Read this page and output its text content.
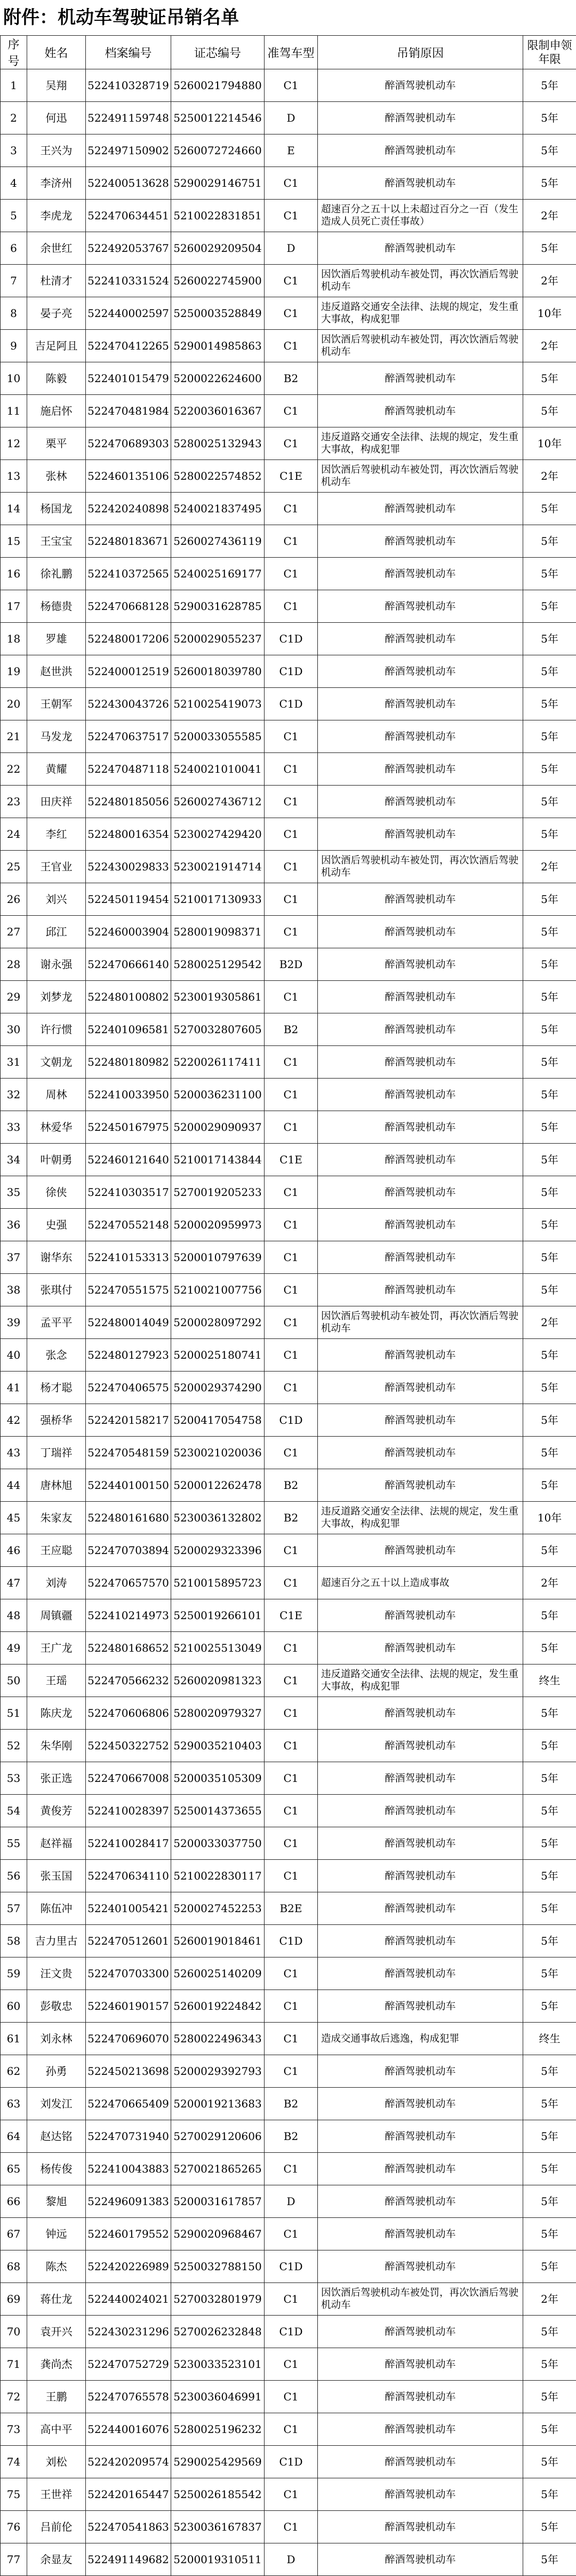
附件：机动车驾驶证吊销名单
序号	姓名	档案编号	证芯编号	准驾车型	吊销原因	限制申领年限
1	吴翔	522410328719	5260021794880	C1	醉酒驾驶机动车	5年
2	何迅	522491159748	5250012214546	D	醉酒驾驶机动车	5年
3	王兴为	522497150902	5260072724660	E	醉酒驾驶机动车	5年
4	李济州	522400513628	5290029146751	C1	醉酒驾驶机动车	5年
5	李虎龙	522470634451	5210022831851	C1	超速百分之五十以上未超过百分之一百（发生造成人员死亡责任事故）	2年
6	余世红	522492053767	5260029209504	D	醉酒驾驶机动车	5年
7	杜清才	522410331524	5260022745900	C1	因饮酒后驾驶机动车被处罚，再次饮酒后驾驶机动车	2年
8	晏子亮	522440002597	5250003528849	C1	违反道路交通安全法律、法规的规定，发生重大事故，构成犯罪	10年
9	吉足阿且	522470412265	5290014985863	C1	因饮酒后驾驶机动车被处罚，再次饮酒后驾驶机动车	2年
10	陈毅	522401015479	5200022624600	B2	醉酒驾驶机动车	5年
11	施启怀	522470481984	5220036016367	C1	醉酒驾驶机动车	5年
12	栗平	522470689303	5280025132943	C1	违反道路交通安全法律、法规的规定，发生重大事故，构成犯罪	10年
13	张林	522460135106	5280022574852	C1E	因饮酒后驾驶机动车被处罚，再次饮酒后驾驶机动车	2年
14	杨国龙	522420240898	5240021837495	C1	醉酒驾驶机动车	5年
15	王宝宝	522480183671	5260027436119	C1	醉酒驾驶机动车	5年
16	徐礼鹏	522410372565	5240025169177	C1	醉酒驾驶机动车	5年
17	杨德贵	522470668128	5290031628785	C1	醉酒驾驶机动车	5年
18	罗雄	522480017206	5200029055237	C1D	醉酒驾驶机动车	5年
19	赵世洪	522400012519	5260018039780	C1D	醉酒驾驶机动车	5年
20	王朝军	522430043726	5210025419073	C1D	醉酒驾驶机动车	5年
21	马发龙	522470637517	5200033055585	C1	醉酒驾驶机动车	5年
22	黄耀	522470487118	5240021010041	C1	醉酒驾驶机动车	5年
23	田庆祥	522480185056	5260027436712	C1	醉酒驾驶机动车	5年
24	李红	522480016354	5230027429420	C1	醉酒驾驶机动车	5年
25	王官业	522430029833	5230021914714	C1	因饮酒后驾驶机动车被处罚，再次饮酒后驾驶机动车	2年
26	刘兴	522450119454	5210017130933	C1	醉酒驾驶机动车	5年
27	邱江	522460003904	5280019098371	C1	醉酒驾驶机动车	5年
28	谢永强	522470666140	5280025129542	B2D	醉酒驾驶机动车	5年
29	刘梦龙	522480100802	5230019305861	C1	醉酒驾驶机动车	5年
30	许行惯	522401096581	5270032807605	B2	醉酒驾驶机动车	5年
31	文朝龙	522480180982	5220026117411	C1	醉酒驾驶机动车	5年
32	周林	522410033950	5200036231100	C1	醉酒驾驶机动车	5年
33	林爱华	522450167975	5200029090937	C1	醉酒驾驶机动车	5年
34	叶朝勇	522460121640	5210017143844	C1E	醉酒驾驶机动车	5年
35	徐侠	522410303517	5270019205233	C1	醉酒驾驶机动车	5年
36	史强	522470552148	5200020959973	C1	醉酒驾驶机动车	5年
37	谢华东	522410153313	5200010797639	C1	醉酒驾驶机动车	5年
38	张琪付	522470551575	5210021007756	C1	醉酒驾驶机动车	5年
39	孟平平	522480014049	5200028097292	C1	因饮酒后驾驶机动车被处罚，再次饮酒后驾驶机动车	2年
40	张念	522480127923	5200025180741	C1	醉酒驾驶机动车	5年
41	杨才聪	522470406575	5200029374290	C1	醉酒驾驶机动车	5年
42	强桥华	522420158217	5200417054758	C1D	醉酒驾驶机动车	5年
43	丁瑞祥	522470548159	5230021020036	C1	醉酒驾驶机动车	5年
44	唐林旭	522440100150	5200012262478	B2	醉酒驾驶机动车	5年
45	朱家友	522480161680	5230036132802	B2	违反道路交通安全法律、法规的规定，发生重大事故，构成犯罪	10年
46	王应聪	522470703894	5200029323396	C1	醉酒驾驶机动车	5年
47	刘涛	522470657570	5210015895723	C1	超速百分之五十以上造成事故	2年
48	周镇疆	522410214973	5250019266101	C1E	醉酒驾驶机动车	5年
49	王广龙	522480168652	5210025513049	C1	醉酒驾驶机动车	5年
50	王瑶	522470566232	5260020981323	C1	违反道路交通安全法律、法规的规定，发生重大事故，构成犯罪	终生
51	陈庆龙	522470606806	5280020979327	C1	醉酒驾驶机动车	5年
52	朱华刚	522450322752	5290035210403	C1	醉酒驾驶机动车	5年
53	张正选	522470667008	5200035105309	C1	醉酒驾驶机动车	5年
54	黄俊芳	522410028397	5250014373655	C1	醉酒驾驶机动车	5年
55	赵祥福	522410028417	5200033037750	C1	醉酒驾驶机动车	5年
56	张玉国	522470634110	5210022830117	C1	醉酒驾驶机动车	5年
57	陈伍冲	522401005421	5200027452253	B2E	醉酒驾驶机动车	5年
58	吉力里古	522470512601	5260019018461	C1D	醉酒驾驶机动车	5年
59	汪文贵	522470703300	5260025140209	C1	醉酒驾驶机动车	5年
60	彭敬忠	522460190157	5260019224842	C1	醉酒驾驶机动车	5年
61	刘永林	522470696070	5280022496343	C1	造成交通事故后逃逸，构成犯罪	终生
62	孙勇	522450213698	5200029392793	C1	醉酒驾驶机动车	5年
63	刘发江	522470665409	5200019213683	B2	醉酒驾驶机动车	5年
64	赵达铭	522470731940	5270029120606	B2	醉酒驾驶机动车	5年
65	杨传俊	522410043883	5270021865265	C1	醉酒驾驶机动车	5年
66	黎旭	522496091383	5200031617857	D	醉酒驾驶机动车	5年
67	钟远	522460179552	5290020968467	C1	醉酒驾驶机动车	5年
68	陈杰	522420226989	5250032788150	C1D	醉酒驾驶机动车	5年
69	蒋仕龙	522440024021	5270032801979	C1	因饮酒后驾驶机动车被处罚，再次饮酒后驾驶机动车	2年
70	袁开兴	522430231296	5270026232848	C1D	醉酒驾驶机动车	5年
71	龚尚杰	522470752729	5230033523101	C1	醉酒驾驶机动车	5年
72	王鹏	522470765578	5230036046991	C1	醉酒驾驶机动车	5年
73	高中平	522440016076	5280025196232	C1	醉酒驾驶机动车	5年
74	刘松	522420209574	5290025429569	C1D	醉酒驾驶机动车	5年
75	王世祥	522420165447	5250026185542	C1	醉酒驾驶机动车	5年
76	吕前伦	522470541863	5230036167837	C1	醉酒驾驶机动车	5年
77	余显友	522491149682	5200019310511	D	醉酒驾驶机动车	5年
